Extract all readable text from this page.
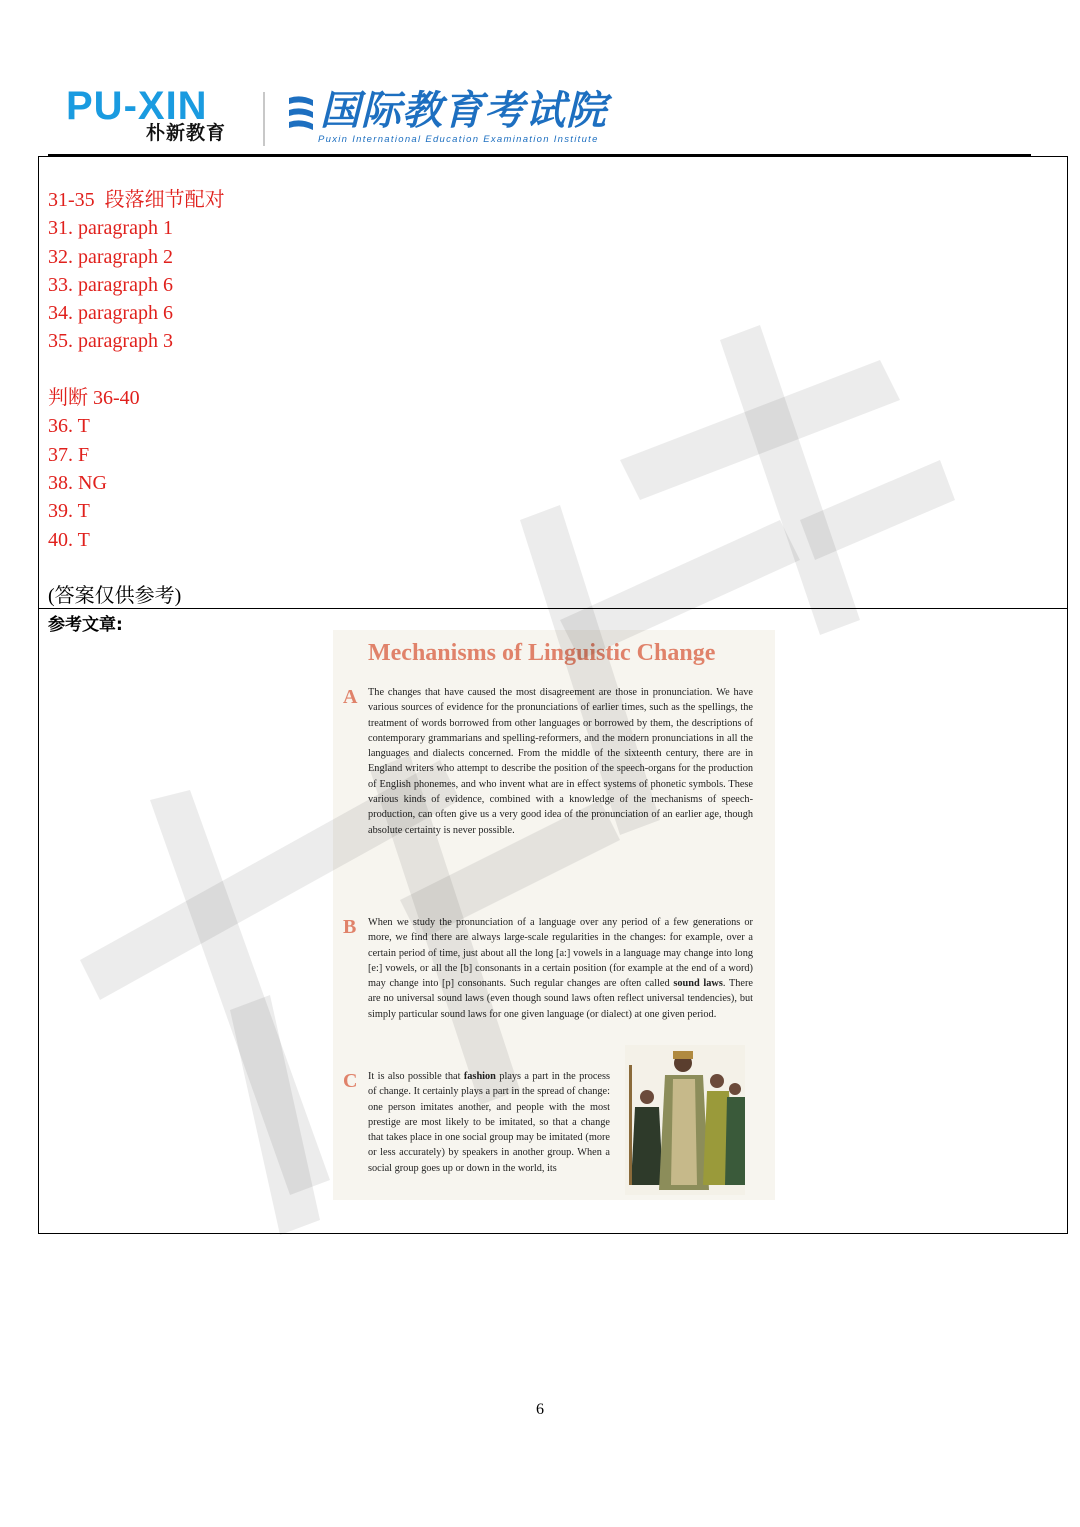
PU-XIN
朴新教育 国际教育考试院
Puxin International Education Examination Institute
31-35  段落细节配对
31. paragraph 1
32. paragraph 2
33. paragraph 6
34. paragraph 6
35. paragraph 3
判断 36-40
36. T
37. F
38. NG
39. T
40. T
(答案仅供参考)
参考文章:
Mechanisms of Linguistic Change
A The changes that have caused the most disagreement are those in pronunciation. We have various sources of evidence for the pronunciations of earlier times, such as the spellings, the treatment of words borrowed from other languages or borrowed by them, the descriptions of contemporary grammarians and spelling-reformers, and the modern pronunciations in all the languages and dialects concerned. From the middle of the sixteenth century, there are in England writers who attempt to describe the position of the speech-organs for the production of English phonemes, and who invent what are in effect systems of phonetic symbols. These various kinds of evidence, combined with a knowledge of the mechanisms of speech-production, can often give us a very good idea of the pronunciation of an earlier age, though absolute certainty is never possible.
B When we study the pronunciation of a language over any period of a few generations or more, we find there are always large-scale regularities in the changes: for example, over a certain period of time, just about all the long [a:] vowels in a language may change into long [e:] vowels, or all the [b] consonants in a certain position (for example at the end of a word) may change into [p] consonants. Such regular changes are often called sound laws. There are no universal sound laws (even though sound laws often reflect universal tendencies), but simply particular sound laws for one given language (or dialect) at one given period.
C It is also possible that fashion plays a part in the process of change. It certainly plays a part in the spread of change: one person imitates another, and people with the most prestige are most likely to be imitated, so that a change that takes place in one social group may be imitated (more or less accurately) by speakers in another group. When a social group goes up or down in the world, its
6
